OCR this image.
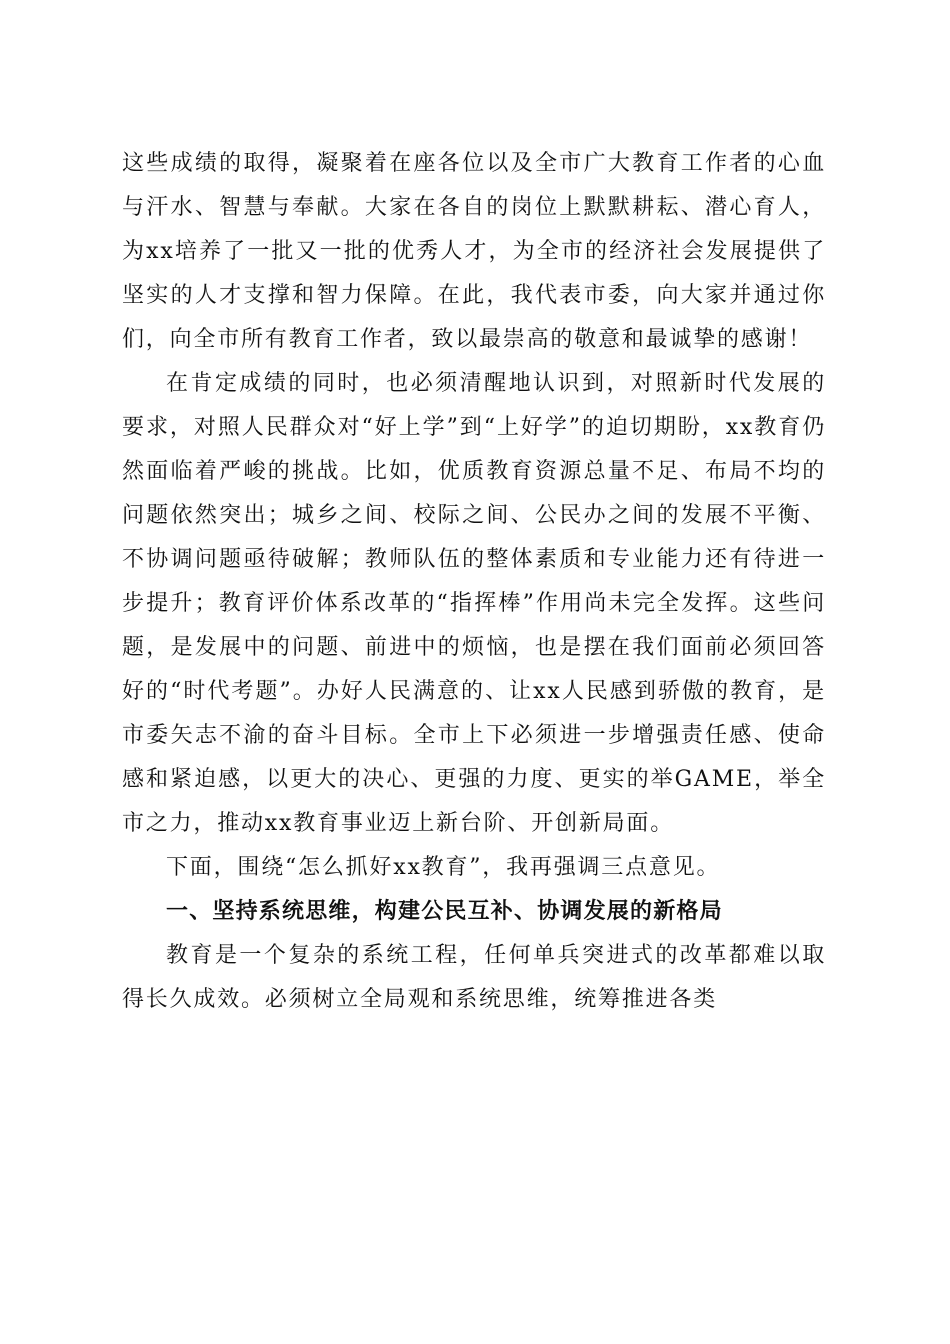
这些成绩的取得，凝聚着在座各位以及全市广大教育工作者的心血与汗水、智慧与奉献。大家在各自的岗位上默默耕耘、潜心育人，为xx培养了一批又一批的优秀人才，为全市的经济社会发展提供了坚实的人才支撑和智力保障。在此，我代表市委，向大家并通过你们，向全市所有教育工作者，致以最崇高的敬意和最诚挚的感谢！

在肯定成绩的同时，也必须清醒地认识到，对照新时代发展的要求，对照人民群众对“好上学”到“上好学”的迫切期盼，xx教育仍然面临着严峻的挑战。比如，优质教育资源总量不足、布局不均的问题依然突出；城乡之间、校际之间、公民办之间的发展不平衡、不协调问题亟待破解；教师队伍的整体素质和专业能力还有待进一步提升；教育评价体系改革的“指挥棒”作用尚未完全发挥。这些问题，是发展中的问题、前进中的烦恼，也是摆在我们面前必须回答好的“时代考题”。办好人民满意的、让xx人民感到骄傲的教育，是市委矢志不渝的奋斗目标。全市上下必须进一步增强责任感、使命感和紧迫感，以更大的决心、更强的力度、更实的举GAME，举全市之力，推动xx教育事业迈上新台阶、开创新局面。

下面，围绕“怎么抓好xx教育”，我再强调三点意见。

一、坚持系统思维，构建公民互补、协调发展的新格局

教育是一个复杂的系统工程，任何单兵突进式的改革都难以取得长久成效。必须树立全局观和系统思维，统筹推进各类
